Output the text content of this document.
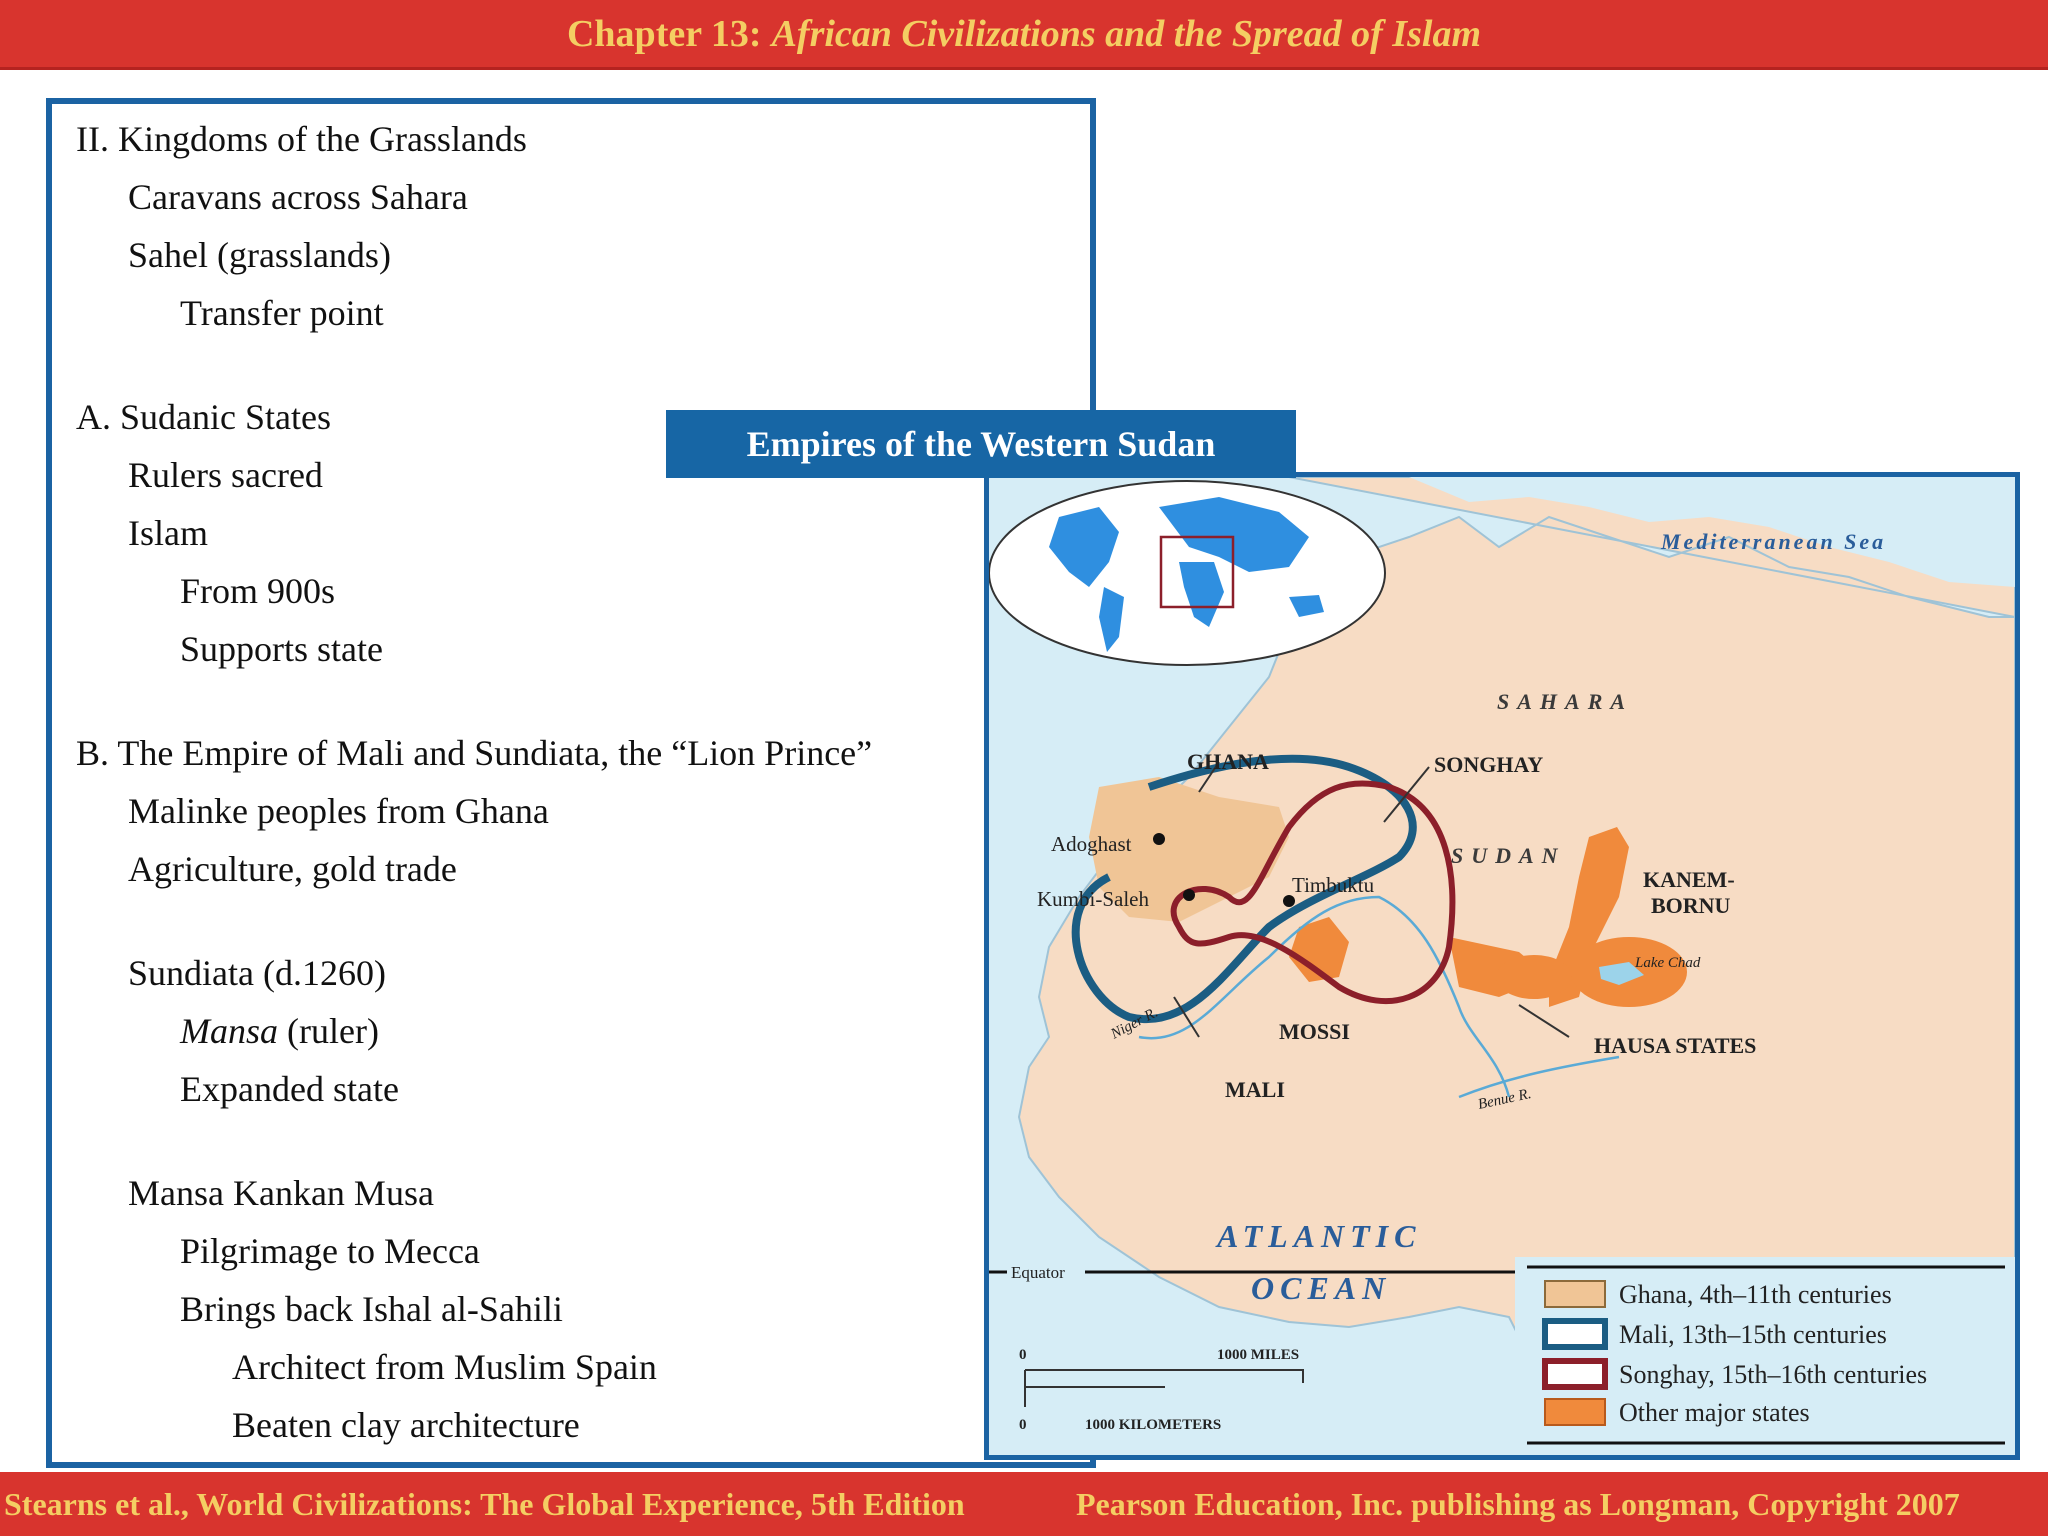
Chapter 13: African Civilizations and the Spread of Islam
II. Kingdoms of the Grasslands
Caravans across Sahara
Sahel (grasslands)
Transfer point
A. Sudanic States
Rulers sacred
Islam
From 900s
Supports state
B. The Empire of Mali and Sundiata, the “Lion Prince”
Malinke peoples from Ghana
Agriculture, gold trade
Sundiata (d.1260)
Mansa (ruler)
Expanded state
Mansa Kankan Musa
Pilgrimage to Mecca
Brings back Ishal al-Sahili
Architect from Muslim Spain
Beaten clay architecture
Empires of the Western Sudan
Adoghast
Kumbi-Saleh
Timbuktu
Mediterranean Sea
SAHARA
SUDAN
GHANA	SONGHAY
MALI
MOSSI
KANEM-
BORNU
HAUSA STATES
Lake Chad
Niger R.
Benue R.
ATLANTIC
OCEAN
Equator
0	1000 MILES
0	1000 KILOMETERS
Ghana, 4th–11th centuries
Mali, 13th–15th centuries
Songhay, 15th–16th centuries
Other major states
Stearns et al., World Civilizations: The Global Experience, 5th Edition	Pearson Education, Inc. publishing as Longman, Copyright 2007
